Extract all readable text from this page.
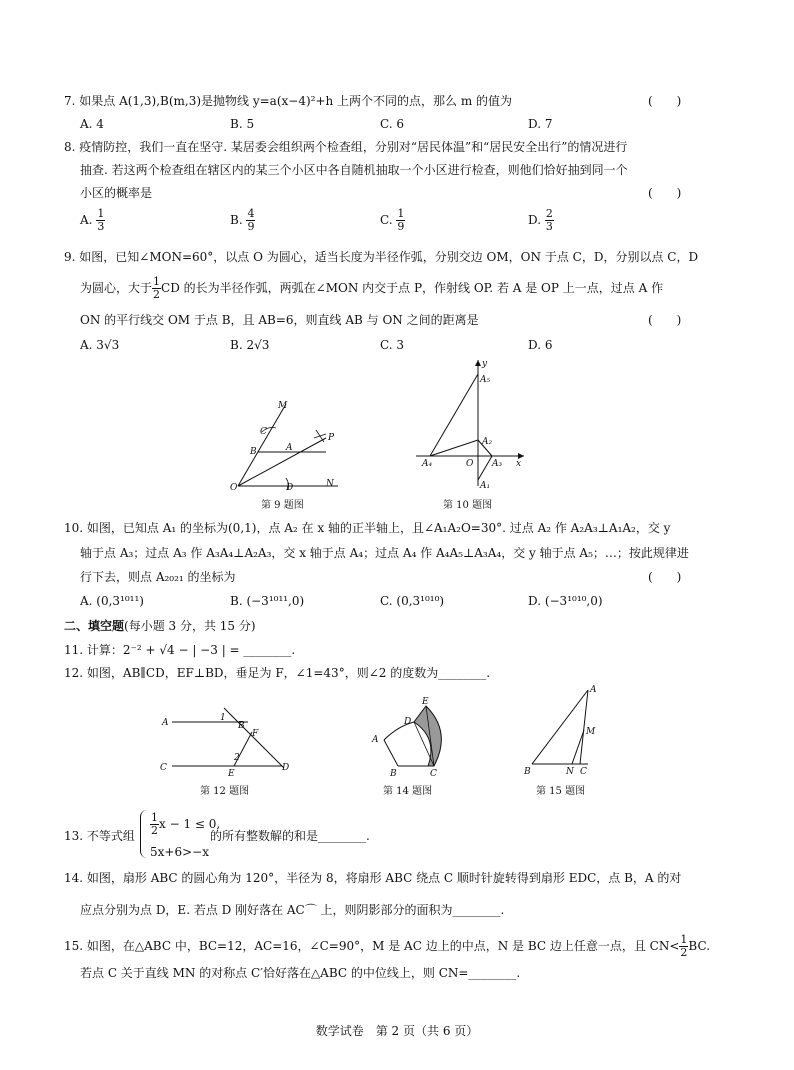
7. 如果点 A(1,3),B(m,3)是抛物线 y=a(x−4)²+h 上两个不同的点，那么 m 的值为	(　　)
A. 4	B. 5	C. 6	D. 7
8. 疫情防控，我们一直在坚守. 某居委会组织两个检查组，分别对“居民体温”和“居民安全出行”的情况进行
抽查. 若这两个检查组在辖区内的某三个小区中各自随机抽取一个小区进行检查，则他们恰好抽到同一个
小区的概率是	(　　)
A. $\frac{1}{3}$	B. $\frac{4}{9}$	C. $\frac{1}{9}$	D. $\frac{2}{3}$
9. 如图，已知∠MON=60°，以点 O 为圆心，适当长度为半径作弧，分别交边 OM，ON 于点 C，D，分别以点 C，D
为圆心，大于 $\frac{1}{2}$ CD 的长为半径作弧，两弧在∠MON 内交于点 P，作射线 OP. 若 A 是 OP 上一点，过点 A 作
ON 的平行线交 OM 于点 B，且 AB=6，则直线 AB 与 ON 之间的距离是	(　　)
A. 3√3	B. 2√3	C. 3	D. 6
M
C
A
P
B
O	D	N
第 9 题图
y
A₅
A₂
A₄	O A₃
A₁
x
第 10 题图
10. 如图，已知点 A₁ 的坐标为(0,1)，点 A₂ 在 x 轴的正半轴上，且∠A₁A₂O=30°. 过点 A₂ 作 A₂A₃⊥A₁A₂，交 y
轴于点 A₃；过点 A₃ 作 A₃A₄⊥A₂A₃，交 x 轴于点 A₄；过点 A₄ 作 A₄A₅⊥A₃A₄，交 y 轴于点 A₅；…；按此规律进
行下去，则点 A₂₀₂₁ 的坐标为	(　　)
A. (0,3¹⁰¹¹)	B. (−3¹⁰¹¹,0)	C. (0,3¹⁰¹⁰)	D. (−3¹⁰¹⁰,0)
二、填空题(每小题 3 分，共 15 分)
11. 计算：2⁻² + √4 − | −3 | = ________.
12. 如图，AB∥CD，EF⊥BD，垂足为 F，∠1=43°，则∠2 的度数为________.
A	1
B
F
2
C
E
D
第 12 题图
E
D
A
B	C
第 14 题图
A
M
B	N C
第 15 题图
13. 不等式组 $\frac{1}{2}$ x − 1 ≤ 0,
5x+6>−x
的所有整数解的和是________.
14. 如图，扇形 ABC 的圆心角为 120°，半径为 8，将扇形 ABC 绕点 C 顺时针旋转得到扇形 EDC，点 B，A 的对
应点分别为点 D，E. 若点 D 刚好落在 AC⌒ 上，则阴影部分的面积为________.
15. 如图，在△ABC 中，BC=12，AC=16，∠C=90°，M 是 AC 边上的中点，N 是 BC 边上任意一点，且 $CN< \frac{1}{2}$ BC.
若点 C 关于直线 MN 的对称点 C′恰好落在△ABC 的中位线上，则 CN=________.
数学试卷　第 2 页（共 6 页）
